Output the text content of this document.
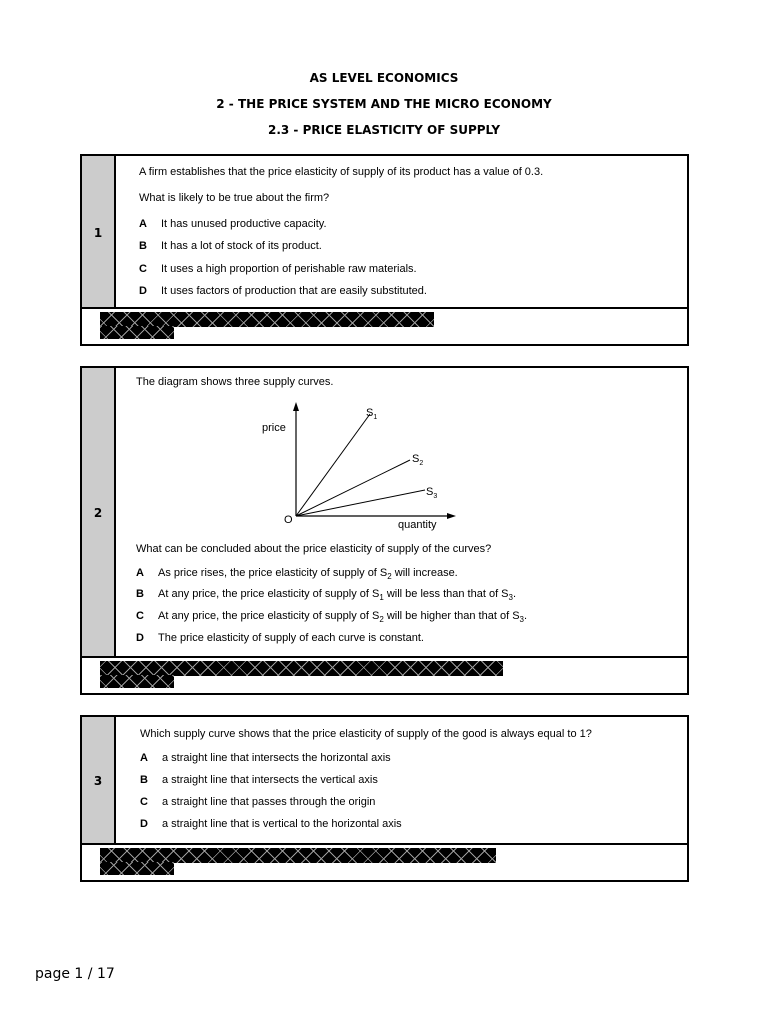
AS LEVEL ECONOMICS
2 - THE PRICE SYSTEM AND THE MICRO ECONOMY
2.3 - PRICE ELASTICITY OF SUPPLY
1
A firm establishes that the price elasticity of supply of its product has a value of 0.3.
What is likely to be true about the firm?
A It has unused productive capacity.
B It has a lot of stock of its product.
C It uses a high proportion of perishable raw materials.
D It uses factors of production that are easily substituted.
2
The diagram shows three supply curves.
price
quantity
O
$S_1$
$S_2$
$S_3$
What can be concluded about the price elasticity of supply of the curves?
A As price rises, the price elasticity of supply of $S_2$ will increase.
B At any price, the price elasticity of supply of $S_1$ will be less than that of $S_3$.
C At any price, the price elasticity of supply of $S_2$ will be higher than that of $S_3$.
D The price elasticity of supply of each curve is constant.
3
Which supply curve shows that the price elasticity of supply of the good is always equal to 1?
A a straight line that intersects the horizontal axis
B a straight line that intersects the vertical axis
C a straight line that passes through the origin
D a straight line that is vertical to the horizontal axis
page 1 / 17
